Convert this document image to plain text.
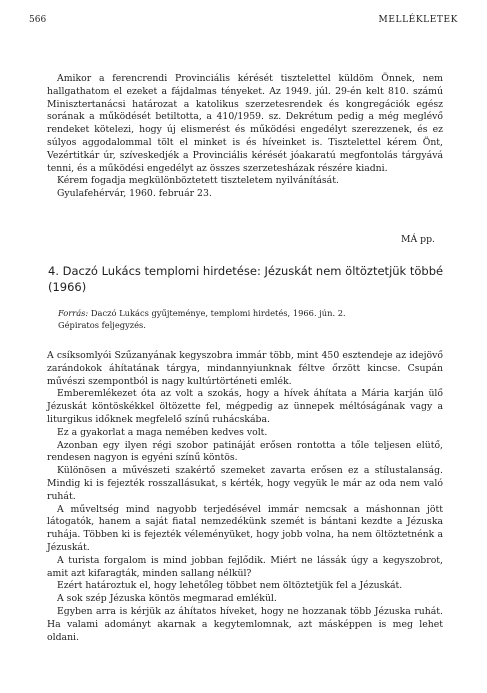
566	MELLÉKLETEK

Amikor a ferencrendi Provinciális kérését tisztelettel küldöm Önnek, nem hallgathatom el ezeket a fájdalmas tényeket. Az 1949. júl. 29-én kelt 810. számú Minisztertanácsi határozat a katolikus szerzetesrendek és kongregációk egész sorának a működését betiltotta, a 410/1959. sz. Dekrétum pedig a még meglévő rendeket kötelezi, hogy új elismerést és működési engedélyt szerezzenek, és ez súlyos aggodalommal tölt el minket is és híveinket is. Tisztelettel kérem Önt, Vezértitkár úr, szíveskedjék a Provinciális kérését jóakaratú megfontolás tárgyává tenni, és a működési engedélyt az összes szerzetesházak részére kiadni.

Kérem fogadja megkülönböztetett tiszteletem nyilvánítását.

Gyulafehérvár, 1960. február 23.

MÁ pp.
4. Daczó Lukács templomi hirdetése: Jézuskát nem öltöztetjük többé (1966)

Forrás: Daczó Lukács gyűjteménye, templomi hirdetés, 1966. jún. 2.

Gépiratos feljegyzés.

A csíksomlyói Szűzanyának kegyszobra immár több, mint 450 esztendeje az idejövő zarándokok áhítatának tárgya, mindannyiunknak féltve őrzött kincse. Csupán művészi szempontból is nagy kultúrtörténeti emlék.

Emberemlékezet óta az volt a szokás, hogy a hívek áhítata a Mária karján ülő Jézuskát köntöskékkel öltözette fel, mégpedig az ünnepek méltóságának vagy a liturgikus időknek megfelelő színű ruhácskába.

Ez a gyakorlat a maga nemében kedves volt.

Azonban egy ilyen régi szobor patináját erősen rontotta a tőle teljesen elütő, rendesen nagyon is egyéni színű köntös.

Különösen a művészeti szakértő szemeket zavarta erősen ez a stílustalanság. Mindig ki is fejezték rosszallásukat, s kérték, hogy vegyük le már az oda nem való ruhát.

A műveltség mind nagyobb terjedésével immár nemcsak a máshonnan jött látogatók, hanem a saját fiatal nemzedékünk szemét is bántani kezdte a Jézuska ruhája. Többen ki is fejezték véleményüket, hogy jobb volna, ha nem öltöztetnénk a Jézuskát.

A turista forgalom is mind jobban fejlődik. Miért ne lássák úgy a kegyszobrot, amit azt kifaragták, minden sallang nélkül?

Ezért határoztuk el, hogy lehetőleg többet nem öltöztetjük fel a Jézuskát.

A sok szép Jézuska köntös megmarad emlékül.

Egyben arra is kérjük az áhítatos híveket, hogy ne hozzanak több Jézuska ruhát. Ha valami adományt akarnak a kegytemlomnak, azt másképpen is meg lehet oldani.
